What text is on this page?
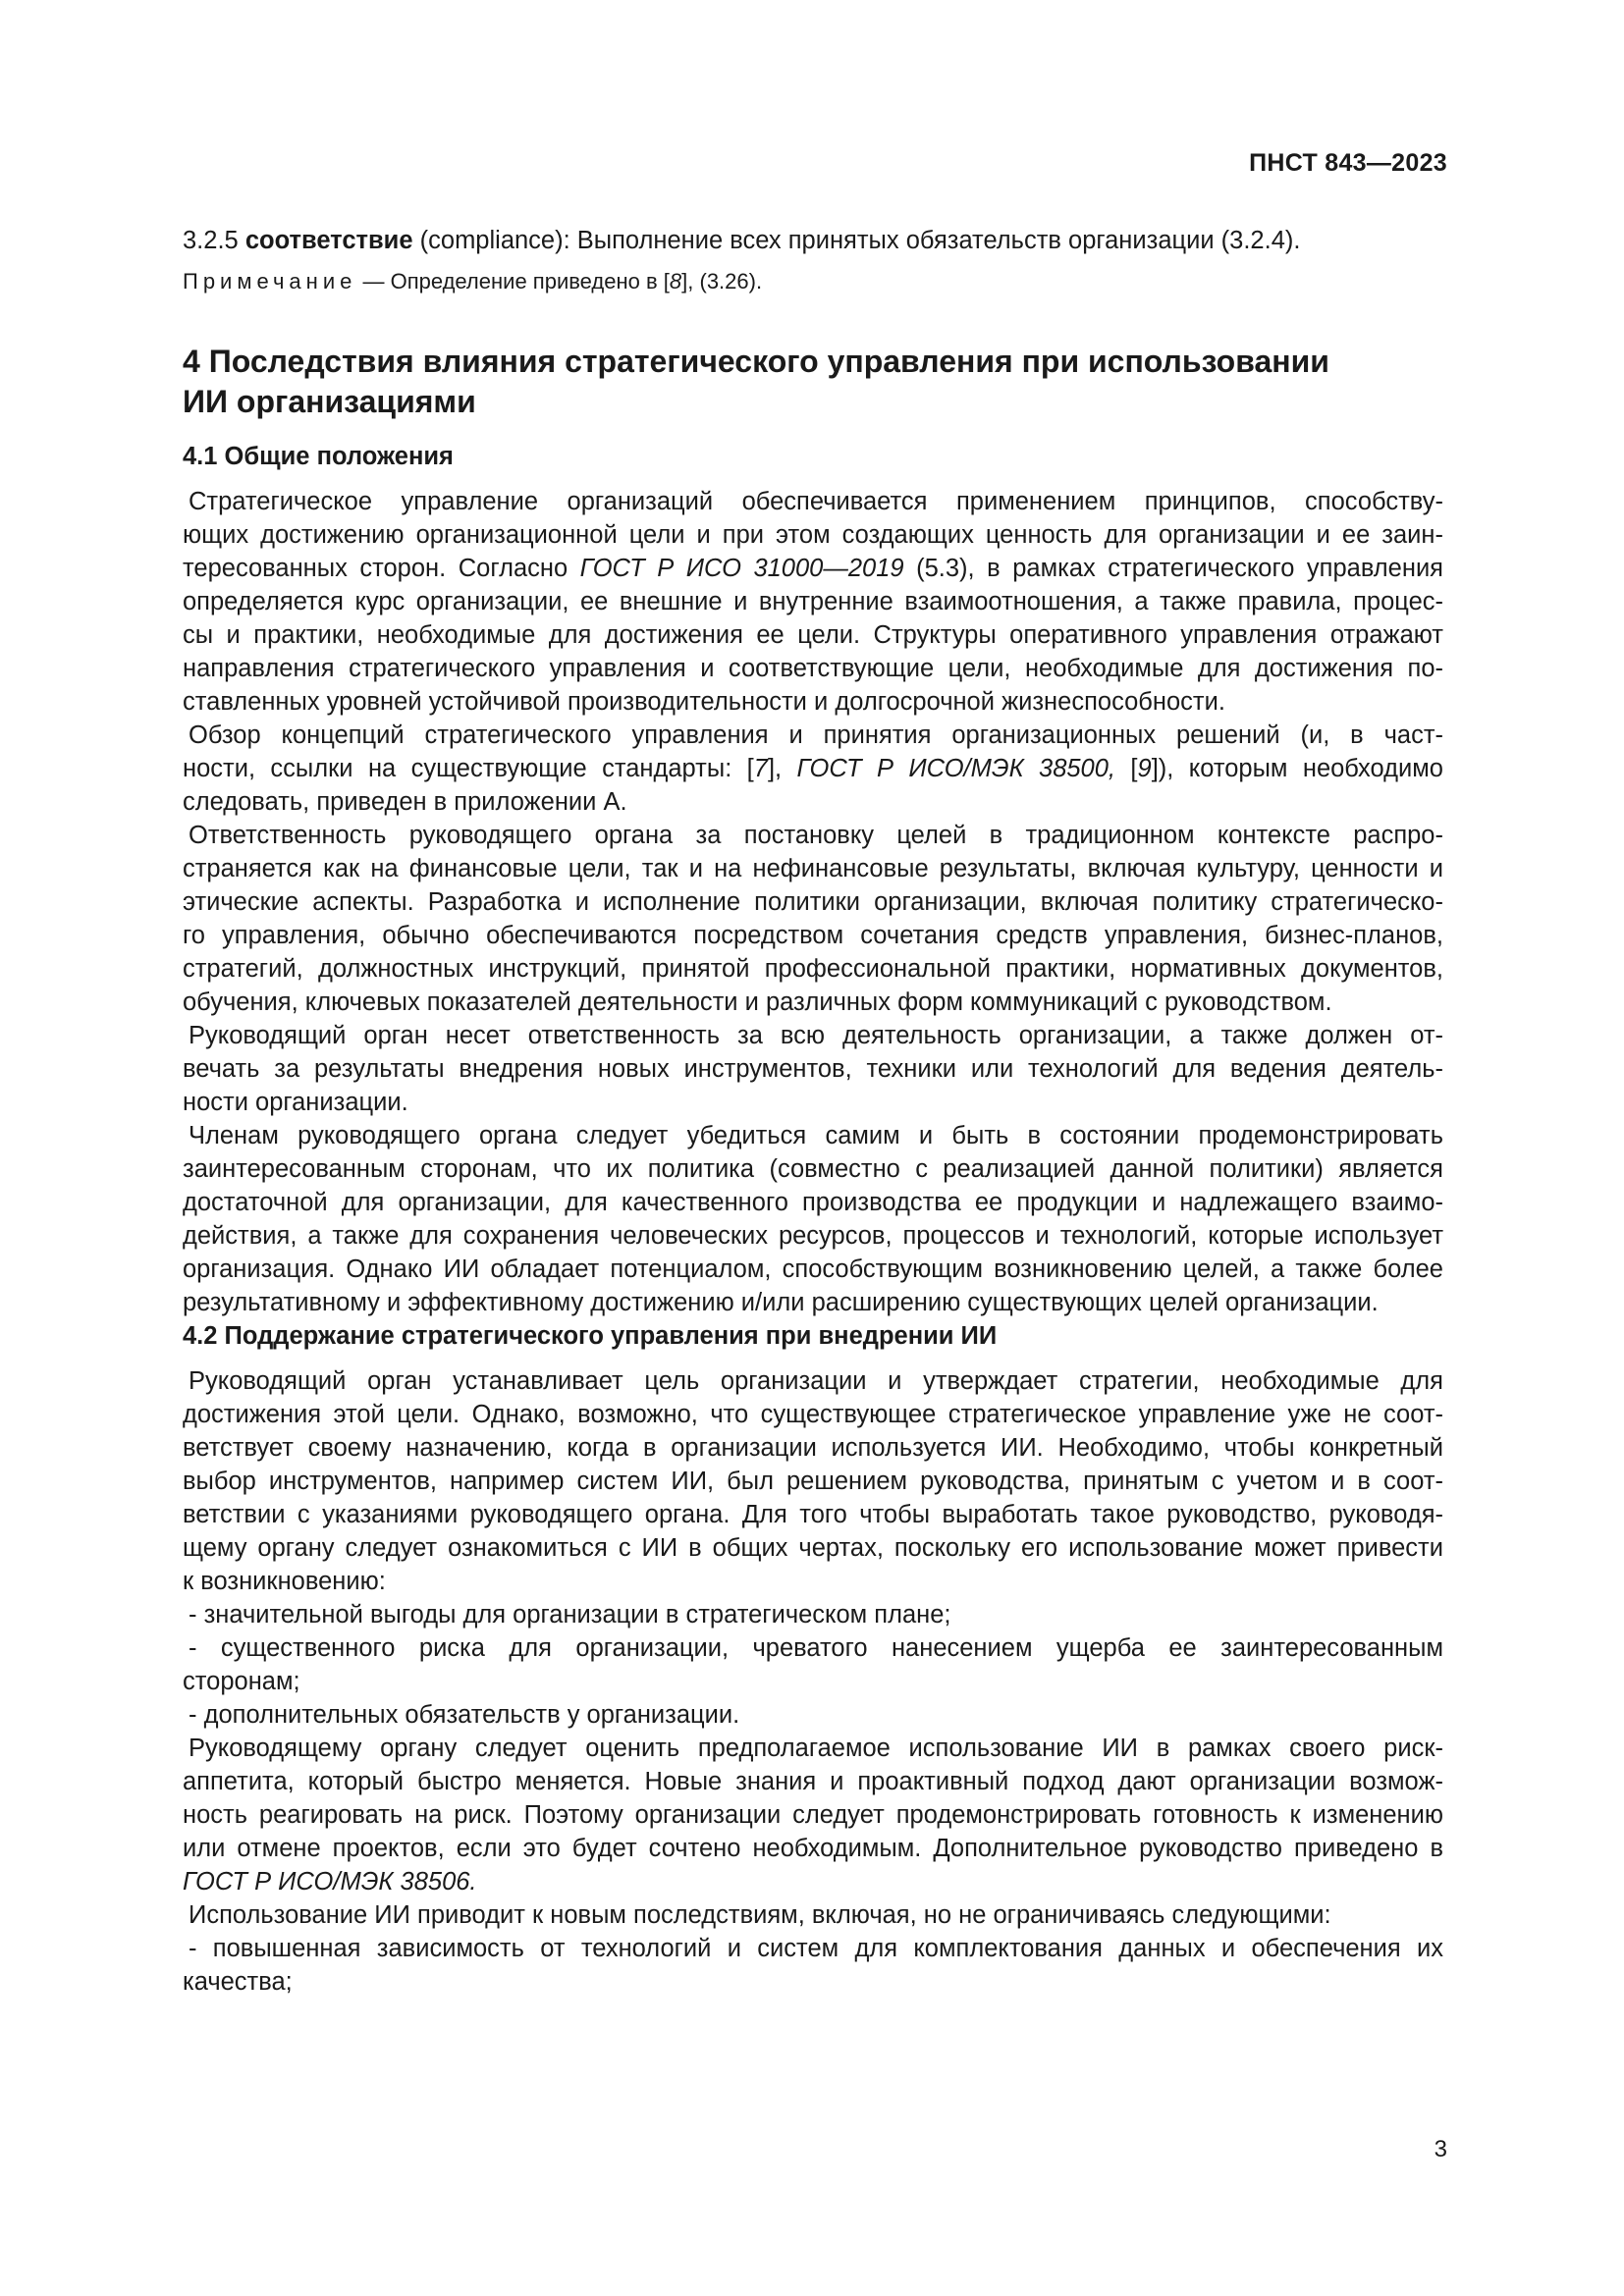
ПНСТ 843—2023

3.2.5 соответствие (compliance): Выполнение всех принятых обязательств организации (3.2.4).

Примечание — Определение приведено в [8], (3.26).

4 Последствия влияния стратегического управления при использовании
ИИ организациями
4.1 Общие положения

Стратегическое управление организаций обеспечивается применением принципов, способству-

ющих достижению организационной цели и при этом создающих ценность для организации и ее заин-

тересованных сторон. Согласно ГОСТ Р ИСО 31000—2019 (5.3), в рамках стратегического управления

определяется курс организации, ее внешние и внутренние взаимоотношения, а также правила, процес-

сы и практики, необходимые для достижения ее цели. Структуры оперативного управления отражают

направления стратегического управления и соответствующие цели, необходимые для достижения по-

ставленных уровней устойчивой производительности и долгосрочной жизнеспособности.

Обзор концепций стратегического управления и принятия организационных решений (и, в част-

ности, ссылки на существующие стандарты: [7], ГОСТ Р ИСО/МЭК 38500, [9]), которым необходимо

следовать, приведен в приложении А.

Ответственность руководящего органа за постановку целей в традиционном контексте распро-

страняется как на финансовые цели, так и на нефинансовые результаты, включая культуру, ценности и

этические аспекты. Разработка и исполнение политики организации, включая политику стратегическо-

го управления, обычно обеспечиваются посредством сочетания средств управления, бизнес-планов,

стратегий, должностных инструкций, принятой профессиональной практики, нормативных документов,

обучения, ключевых показателей деятельности и различных форм коммуникаций с руководством.

Руководящий орган несет ответственность за всю деятельность организации, а также должен от-

вечать за результаты внедрения новых инструментов, техники или технологий для ведения деятель-

ности организации.

Членам руководящего органа следует убедиться самим и быть в состоянии продемонстрировать

заинтересованным сторонам, что их политика (совместно с реализацией данной политики) является

достаточной для организации, для качественного производства ее продукции и надлежащего взаимо-

действия, а также для сохранения человеческих ресурсов, процессов и технологий, которые использует

организация. Однако ИИ обладает потенциалом, способствующим возникновению целей, а также более

результативному и эффективному достижению и/или расширению существующих целей организации.

4.2 Поддержание стратегического управления при внедрении ИИ

Руководящий орган устанавливает цель организации и утверждает стратегии, необходимые для

достижения этой цели. Однако, возможно, что существующее стратегическое управление уже не соот-

ветствует своему назначению, когда в организации используется ИИ. Необходимо, чтобы конкретный

выбор инструментов, например систем ИИ, был решением руководства, принятым с учетом и в соот-

ветствии с указаниями руководящего органа. Для того чтобы выработать такое руководство, руководя-

щему органу следует ознакомиться с ИИ в общих чертах, поскольку его использование может привести

к возникновению:

- значительной выгоды для организации в стратегическом плане;

- существенного риска для организации, чреватого нанесением ущерба ее заинтересованным

сторонам;

- дополнительных обязательств у организации.

Руководящему органу следует оценить предполагаемое использование ИИ в рамках своего риск-

аппетита, который быстро меняется. Новые знания и проактивный подход дают организации возмож-

ность реагировать на риск. Поэтому организации следует продемонстрировать готовность к изменению

или отмене проектов, если это будет сочтено необходимым. Дополнительное руководство приведено в

ГОСТ Р ИСО/МЭК 38506.

Использование ИИ приводит к новым последствиям, включая, но не ограничиваясь следующими:

- повышенная зависимость от технологий и систем для комплектования данных и обеспечения их

качества;

3
